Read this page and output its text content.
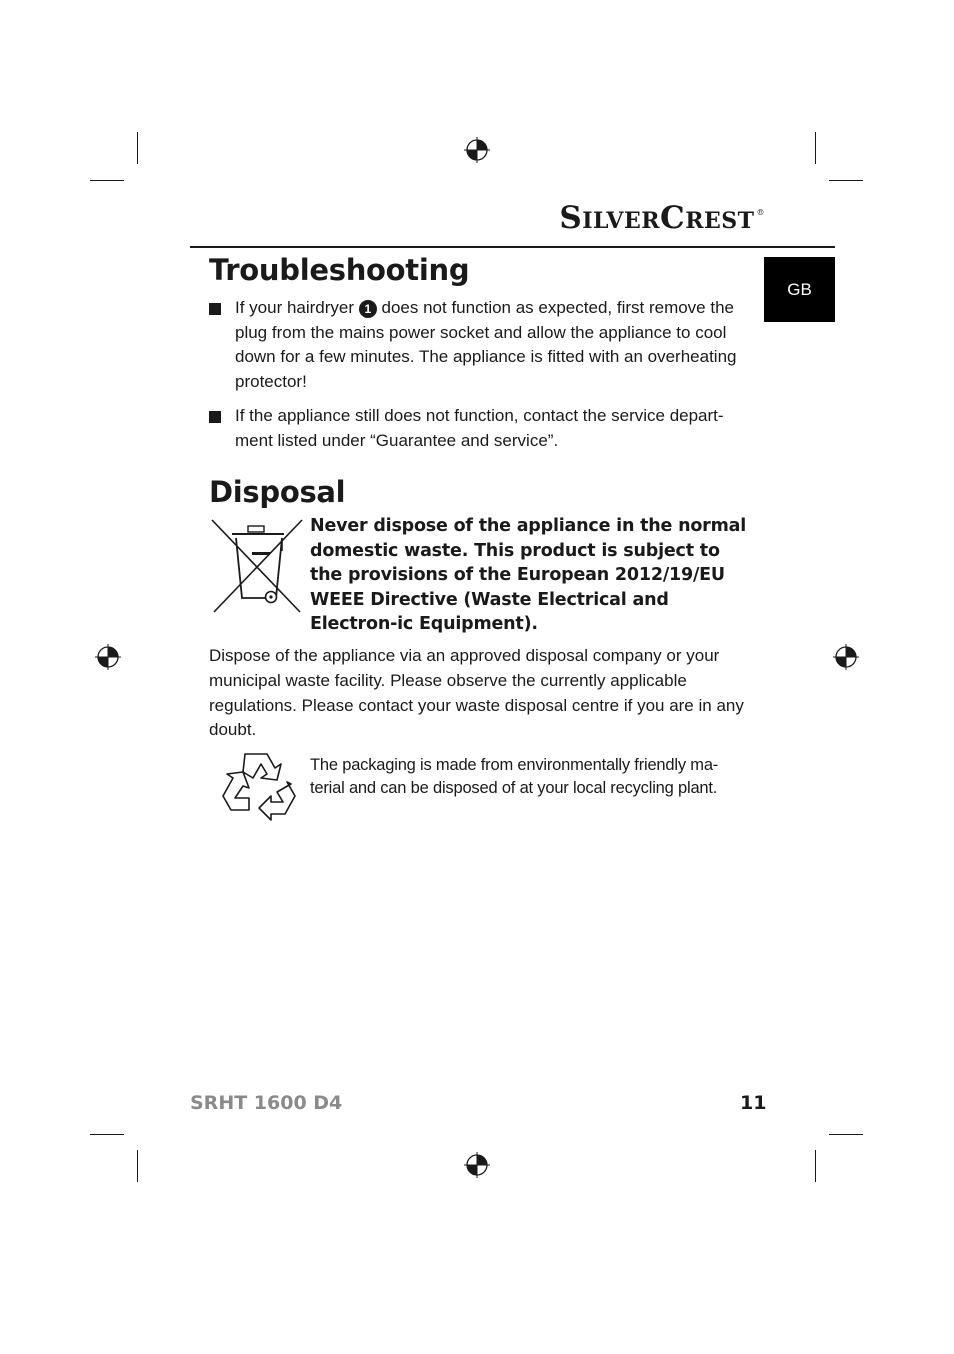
SILVERCREST ®
GB
Troubleshooting
If your hairdryer 1 does not function as expected, first remove the plug from the mains power socket and allow the appliance to cool down for a few minutes. The appliance is fitted with an overheating protector!
If the appliance still does not function, contact the service depart-ment listed under “Guarantee and service”.
Disposal
Never dispose of the appliance in the normal domestic waste. This product is subject to the provisions of the European 2012/19/EU WEEE Directive (Waste Electrical and Electron-ic Equipment).
Dispose of the appliance via an approved disposal company or your municipal waste facility. Please observe the currently applicable regulations. Please contact your waste disposal centre if you are in any doubt.
The packaging is made from environmentally friendly ma-terial and can be disposed of at your local recycling plant.
SRHT 1600 D4	11
